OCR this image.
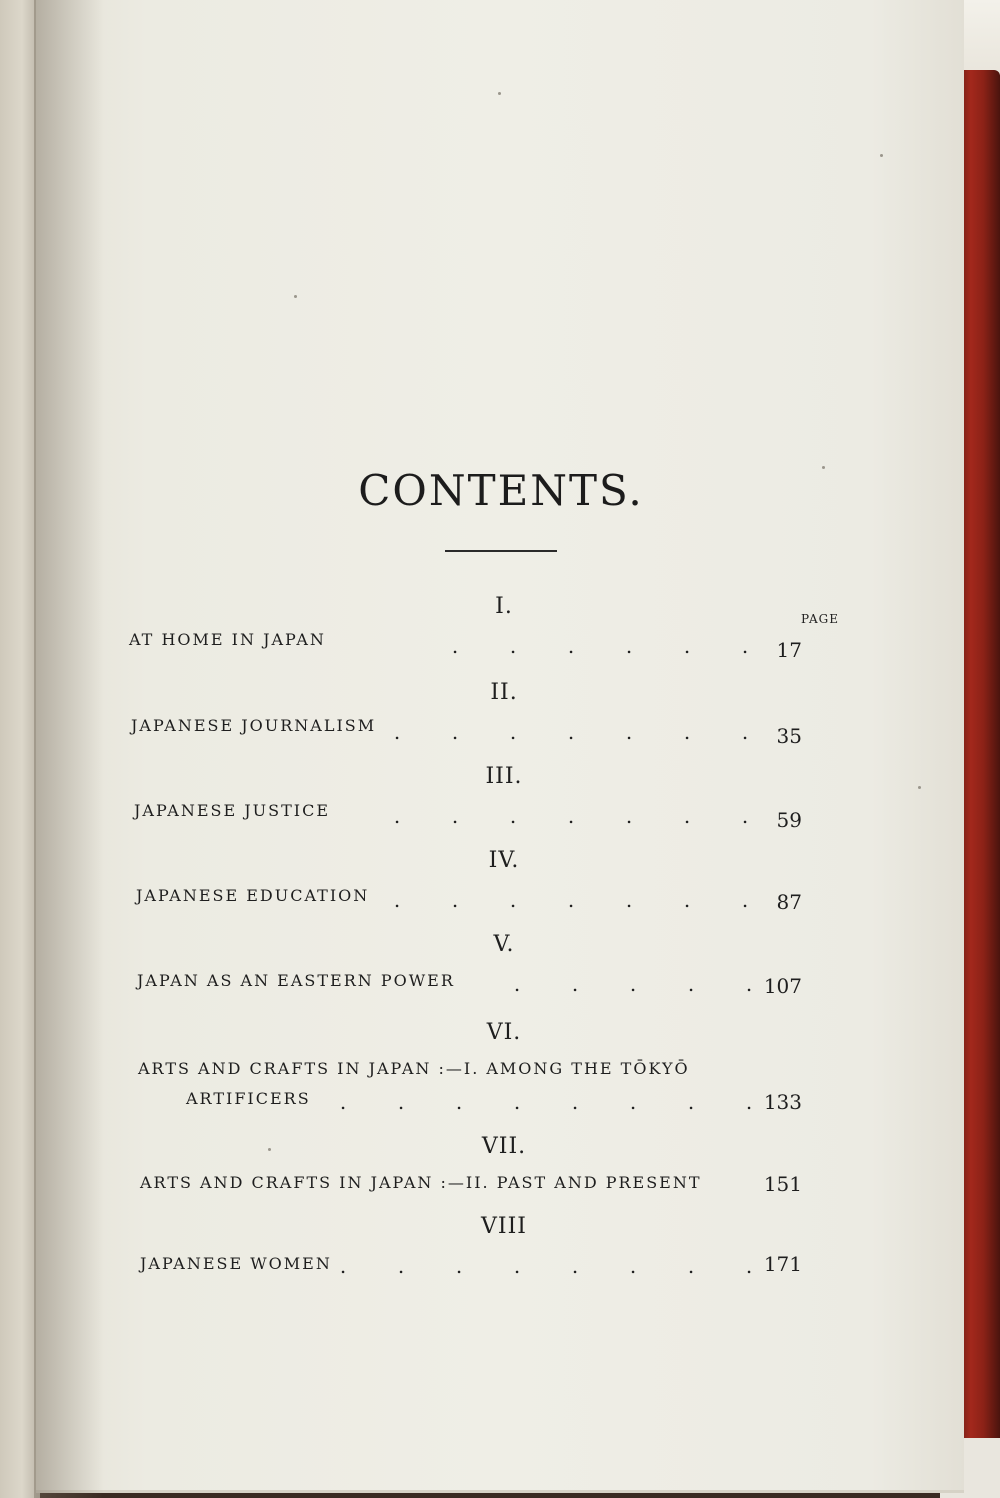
CONTENTS.
PAGE
I.
AT HOME IN JAPAN	.	.	.	.	.	.	17
II.
JAPANESE JOURNALISM .	.	.	.	.	.	.	35
III.
JAPANESE JUSTICE	.	.	.	.	.	.	.	59
IV.
JAPANESE EDUCATION	.	.	.	.	.	.	.	87
V.
JAPAN AS AN EASTERN POWER	.	.	.	.	. 107
VI.
ARTS AND CRAFTS IN JAPAN :—I. AMONG THE TŌKYŌ
ARTIFICERS	.	.	.	.	.	.	.	. 133
VII.
ARTS AND CRAFTS IN JAPAN :—II. PAST AND PRESENT	151
VIII
JAPANESE WOMEN .	.	.	.	.	.	.	. 171
